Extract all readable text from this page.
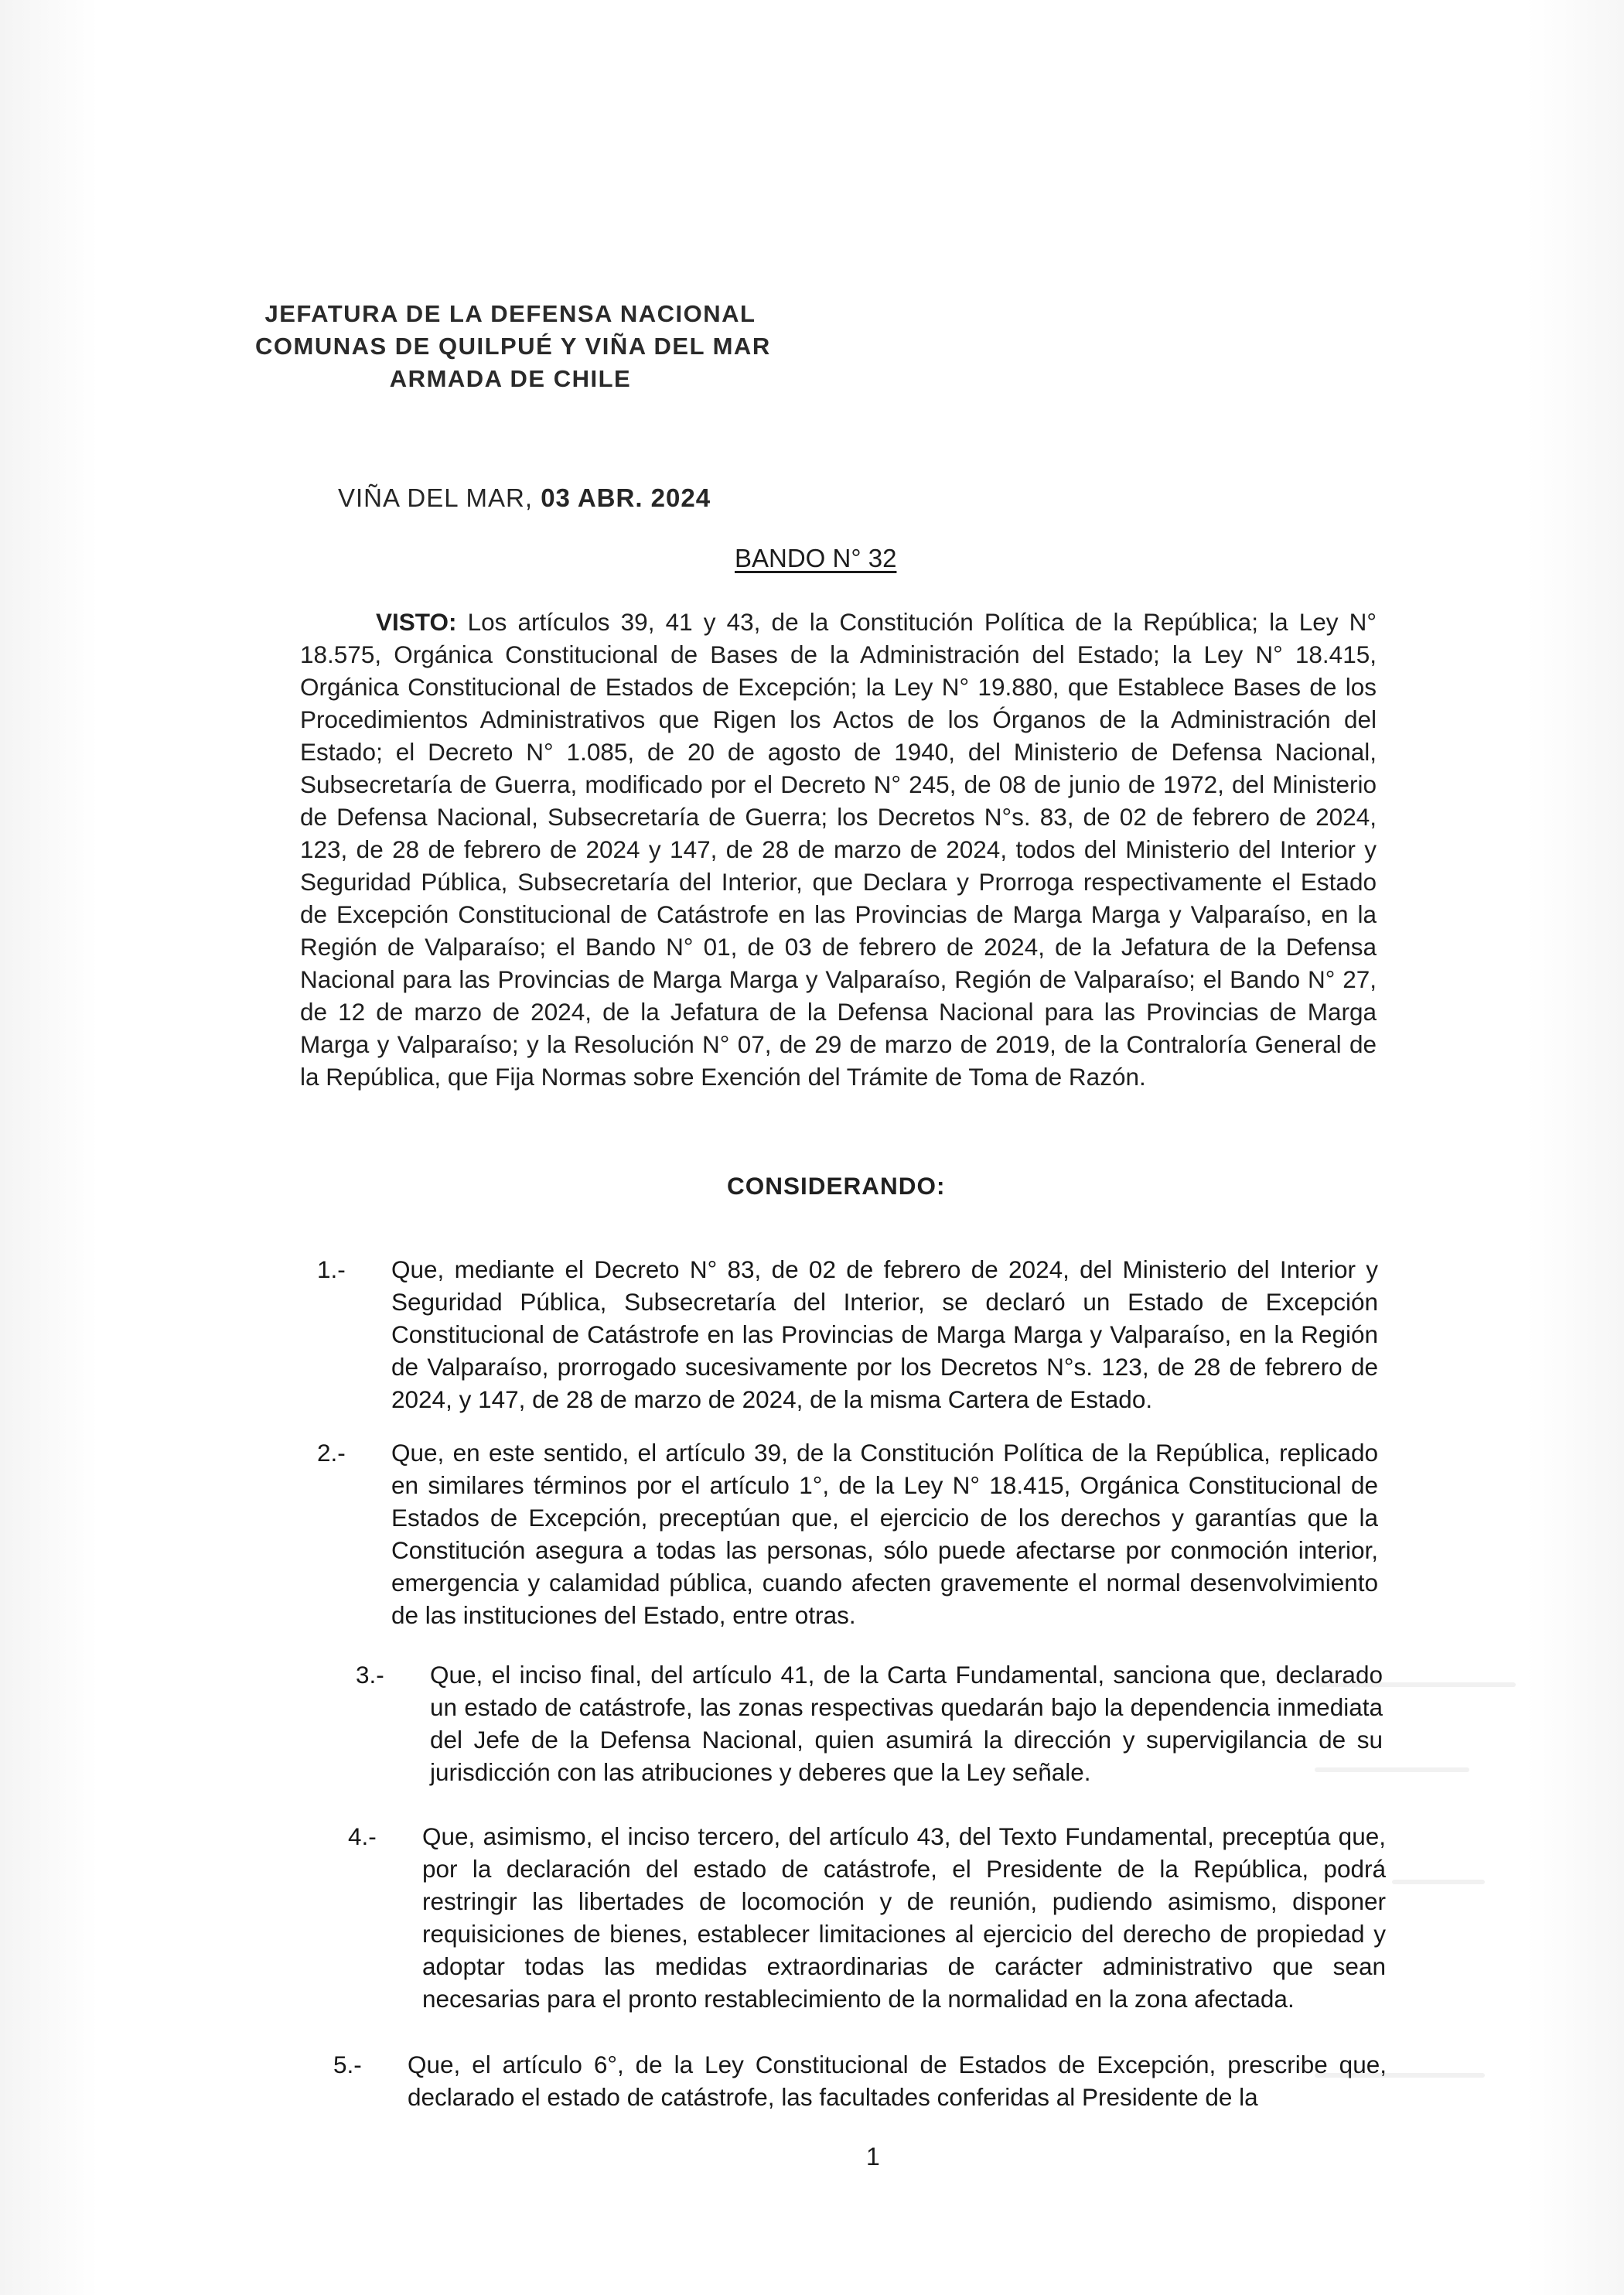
JEFATURA DE LA DEFENSA NACIONAL
COMUNAS DE QUILPUÉ Y VIÑA DEL MAR
ARMADA DE CHILE
VIÑA DEL MAR, 03 ABR. 2024
BANDO N° 32
VISTO: Los artículos 39, 41 y 43, de la Constitución Política de la República; la Ley N° 18.575, Orgánica Constitucional de Bases de la Administración del Estado; la Ley N° 18.415, Orgánica Constitucional de Estados de Excepción; la Ley N° 19.880, que Establece Bases de los Procedimientos Administrativos que Rigen los Actos de los Órganos de la Administración del Estado; el Decreto N° 1.085, de 20 de agosto de 1940, del Ministerio de Defensa Nacional, Subsecretaría de Guerra, modificado por el Decreto N° 245, de 08 de junio de 1972, del Ministerio de Defensa Nacional, Subsecretaría de Guerra; los Decretos N°s. 83, de 02 de febrero de 2024, 123, de 28 de febrero de 2024 y 147, de 28 de marzo de 2024, todos del Ministerio del Interior y Seguridad Pública, Subsecretaría del Interior, que Declara y Prorroga respectivamente el Estado de Excepción Constitucional de Catástrofe en las Provincias de Marga Marga y Valparaíso, en la Región de Valparaíso; el Bando N° 01, de 03 de febrero de 2024, de la Jefatura de la Defensa Nacional para las Provincias de Marga Marga y Valparaíso, Región de Valparaíso; el Bando N° 27, de 12 de marzo de 2024, de la Jefatura de la Defensa Nacional para las Provincias de Marga Marga y Valparaíso; y la Resolución N° 07, de 29 de marzo de 2019, de la Contraloría General de la República, que Fija Normas sobre Exención del Trámite de Toma de Razón.
CONSIDERANDO:
1.- Que, mediante el Decreto N° 83, de 02 de febrero de 2024, del Ministerio del Interior y Seguridad Pública, Subsecretaría del Interior, se declaró un Estado de Excepción Constitucional de Catástrofe en las Provincias de Marga Marga y Valparaíso, en la Región de Valparaíso, prorrogado sucesivamente por los Decretos N°s. 123, de 28 de febrero de 2024, y 147, de 28 de marzo de 2024, de la misma Cartera de Estado.
2.- Que, en este sentido, el artículo 39, de la Constitución Política de la República, replicado en similares términos por el artículo 1°, de la Ley N° 18.415, Orgánica Constitucional de Estados de Excepción, preceptúan que, el ejercicio de los derechos y garantías que la Constitución asegura a todas las personas, sólo puede afectarse por conmoción interior, emergencia y calamidad pública, cuando afecten gravemente el normal desenvolvimiento de las instituciones del Estado, entre otras.
3.- Que, el inciso final, del artículo 41, de la Carta Fundamental, sanciona que, declarado un estado de catástrofe, las zonas respectivas quedarán bajo la dependencia inmediata del Jefe de la Defensa Nacional, quien asumirá la dirección y supervigilancia de su jurisdicción con las atribuciones y deberes que la Ley señale.
4.- Que, asimismo, el inciso tercero, del artículo 43, del Texto Fundamental, preceptúa que, por la declaración del estado de catástrofe, el Presidente de la República, podrá restringir las libertades de locomoción y de reunión, pudiendo asimismo, disponer requisiciones de bienes, establecer limitaciones al ejercicio del derecho de propiedad y adoptar todas las medidas extraordinarias de carácter administrativo que sean necesarias para el pronto restablecimiento de la normalidad en la zona afectada.
5.- Que, el artículo 6°, de la Ley Constitucional de Estados de Excepción, prescribe que, declarado el estado de catástrofe, las facultades conferidas al Presidente de la
1
